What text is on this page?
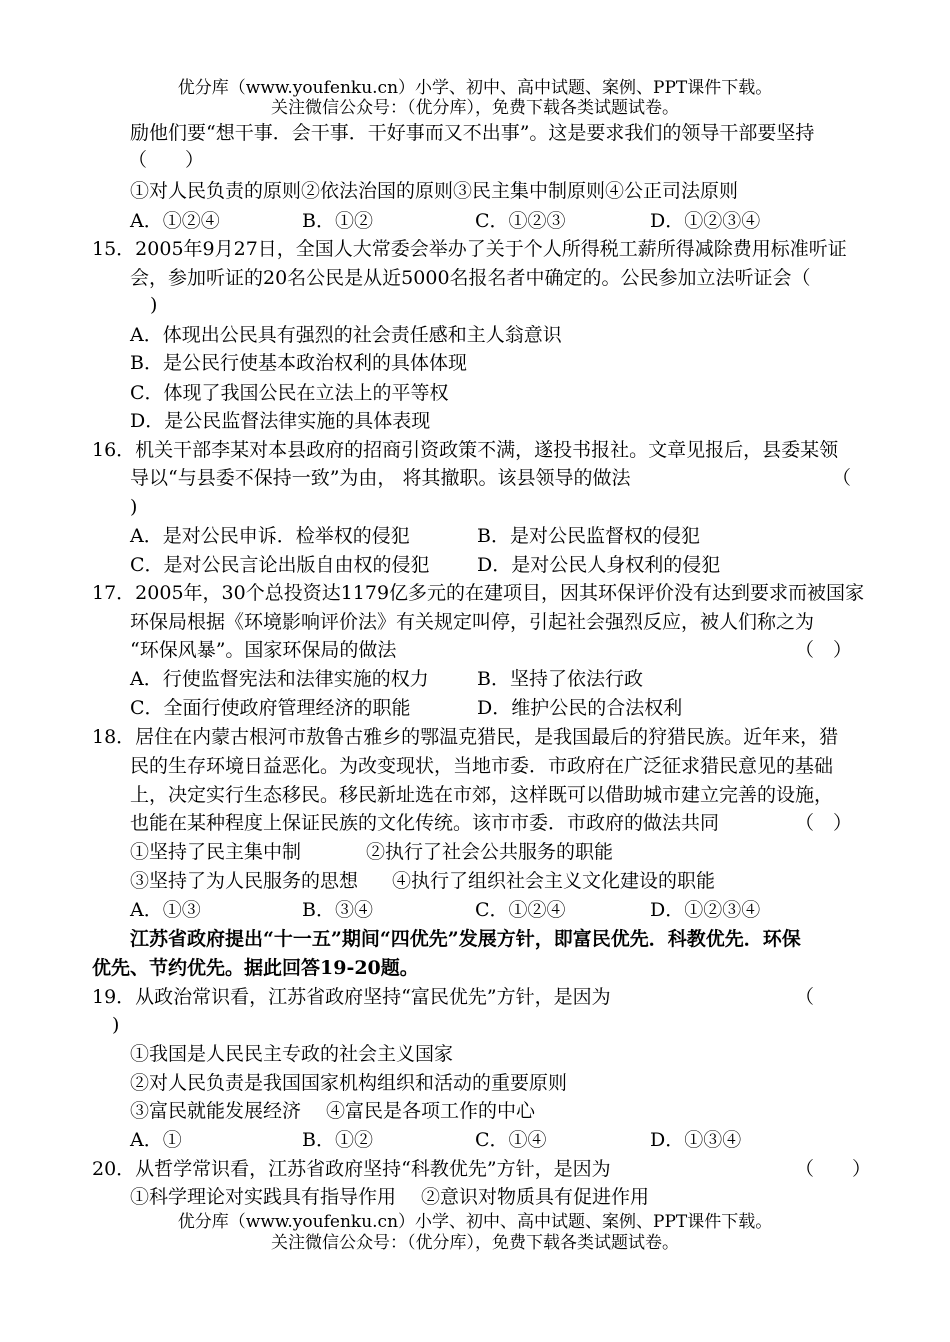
优分库（www.youfenku.cn）小学、初中、高中试题、案例、PPT课件下载。
关注微信公众号：（优分库），免费下载各类试题试卷。
励他们要“想干事．会干事．干好事而又不出事”。这是要求我们的领导干部要坚持
（　　）
①对人民负责的原则②依法治国的原则③民主集中制原则④公正司法原则
A．①②④	B．①②	C．①②③	D．①②③④
15．2005年9月27日，全国人大常委会举办了关于个人所得税工薪所得减除费用标准听证
会，参加听证的20名公民是从近5000名报名者中确定的。公民参加立法听证会（
)
A．体现出公民具有强烈的社会责任感和主人翁意识
B．是公民行使基本政治权利的具体体现
C．体现了我国公民在立法上的平等权
D．是公民监督法律实施的具体表现
16．机关干部李某对本县政府的招商引资政策不满，遂投书报社。文章见报后，县委某领
导以“与县委不保持一致”为由， 将其撤职。该县领导的做法	（
)
A．是对公民申诉．检举权的侵犯	B．是对公民监督权的侵犯
C．是对公民言论出版自由权的侵犯 D．是对公民人身权利的侵犯
17．2005年，30个总投资达1179亿多元的在建项目，因其环保评价没有达到要求而被国家
环保局根据《环境影响评价法》有关规定叫停，引起社会强烈反应，被人们称之为
“环保风暴”。国家环保局的做法	（　）
A．行使监督宪法和法律实施的权力	B．坚持了依法行政
C．全面行使政府管理经济的职能	D．维护公民的合法权利
18．居住在内蒙古根河市敖鲁古雅乡的鄂温克猎民，是我国最后的狩猎民族。近年来，猎
民的生存环境日益恶化。为改变现状，当地市委．市政府在广泛征求猎民意见的基础
上，决定实行生态移民。移民新址选在市郊，这样既可以借助城市建立完善的设施，
也能在某种程度上保证民族的文化传统。该市市委．市政府的做法共同	（　）
①坚持了民主集中制	②执行了社会公共服务的职能
③坚持了为人民服务的思想 ④执行了组织社会主义文化建设的职能
A．①③	B．③④	C．①②④	D．①②③④
江苏省政府提出“十一五”期间“四优先”发展方针，即富民优先．科教优先．环保
优先、节约优先。据此回答19-20题。
19．从政治常识看，江苏省政府坚持“富民优先”方针，是因为	（
)
①我国是人民民主专政的社会主义国家
②对人民负责是我国国家机构组织和活动的重要原则
③富民就能发展经济　 ④富民是各项工作的中心
A．①	B．①②	C．①④	D．①③④
20．从哲学常识看，江苏省政府坚持“科教优先”方针，是因为	（　　）
①科学理论对实践具有指导作用　 ②意识对物质具有促进作用
优分库（www.youfenku.cn）小学、初中、高中试题、案例、PPT课件下载。
关注微信公众号：（优分库），免费下载各类试题试卷。
